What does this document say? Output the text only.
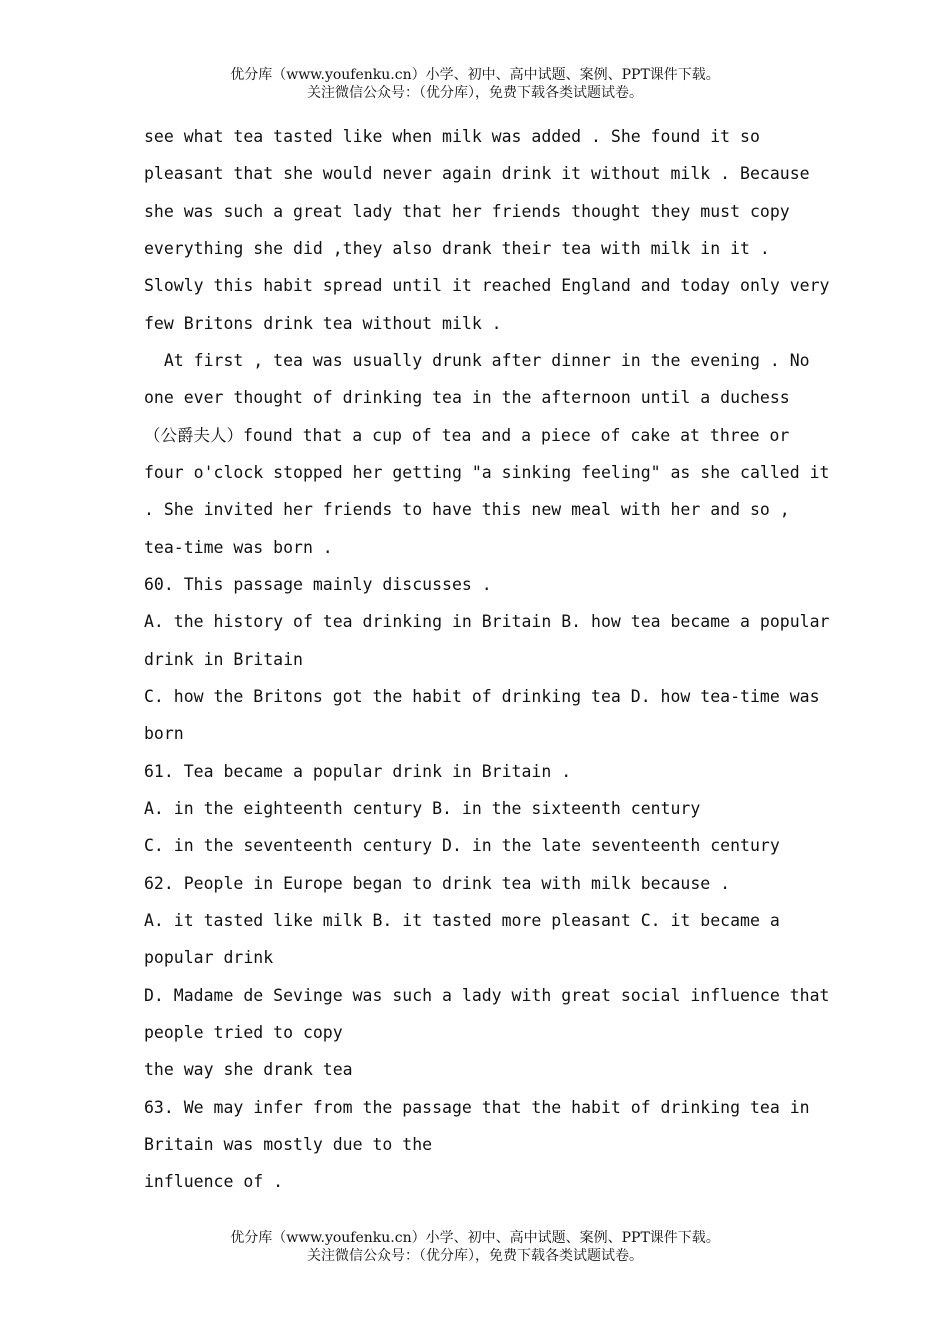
优分库（www.youfenku.cn）小学、初中、高中试题、案例、PPT课件下载。
关注微信公众号：（优分库），免费下载各类试题试卷。
see what tea tasted like when milk was added . She found it so
pleasant that she would never again drink it without milk . Because
she was such a great lady that her friends thought they must copy
everything she did ,they also drank their tea with milk in it .
Slowly this habit spread until it reached England and today only very
few Britons drink tea without milk .
At first , tea was usually drunk after dinner in the evening . No
one ever thought of drinking tea in the afternoon until a duchess
（公爵夫人）found that a cup of tea and a piece of cake at three or
four o'clock stopped her getting "a sinking feeling" as she called it
. She invited her friends to have this new meal with her and so ,
tea-time was born .
60. This passage mainly discusses .
A. the history of tea drinking in Britain B. how tea became a popular
drink in Britain
C. how the Britons got the habit of drinking tea D. how tea-time was
born
61. Tea became a popular drink in Britain .
A. in the eighteenth century B. in the sixteenth century
C. in the seventeenth century D. in the late seventeenth century
62. People in Europe began to drink tea with milk because .
A. it tasted like milk B. it tasted more pleasant C. it became a
popular drink
D. Madame de Sevinge was such a lady with great social influence that
people tried to copy
the way she drank tea
63. We may infer from the passage that the habit of drinking tea in
Britain was mostly due to the
influence of .
优分库（www.youfenku.cn）小学、初中、高中试题、案例、PPT课件下载。
关注微信公众号：（优分库），免费下载各类试题试卷。
